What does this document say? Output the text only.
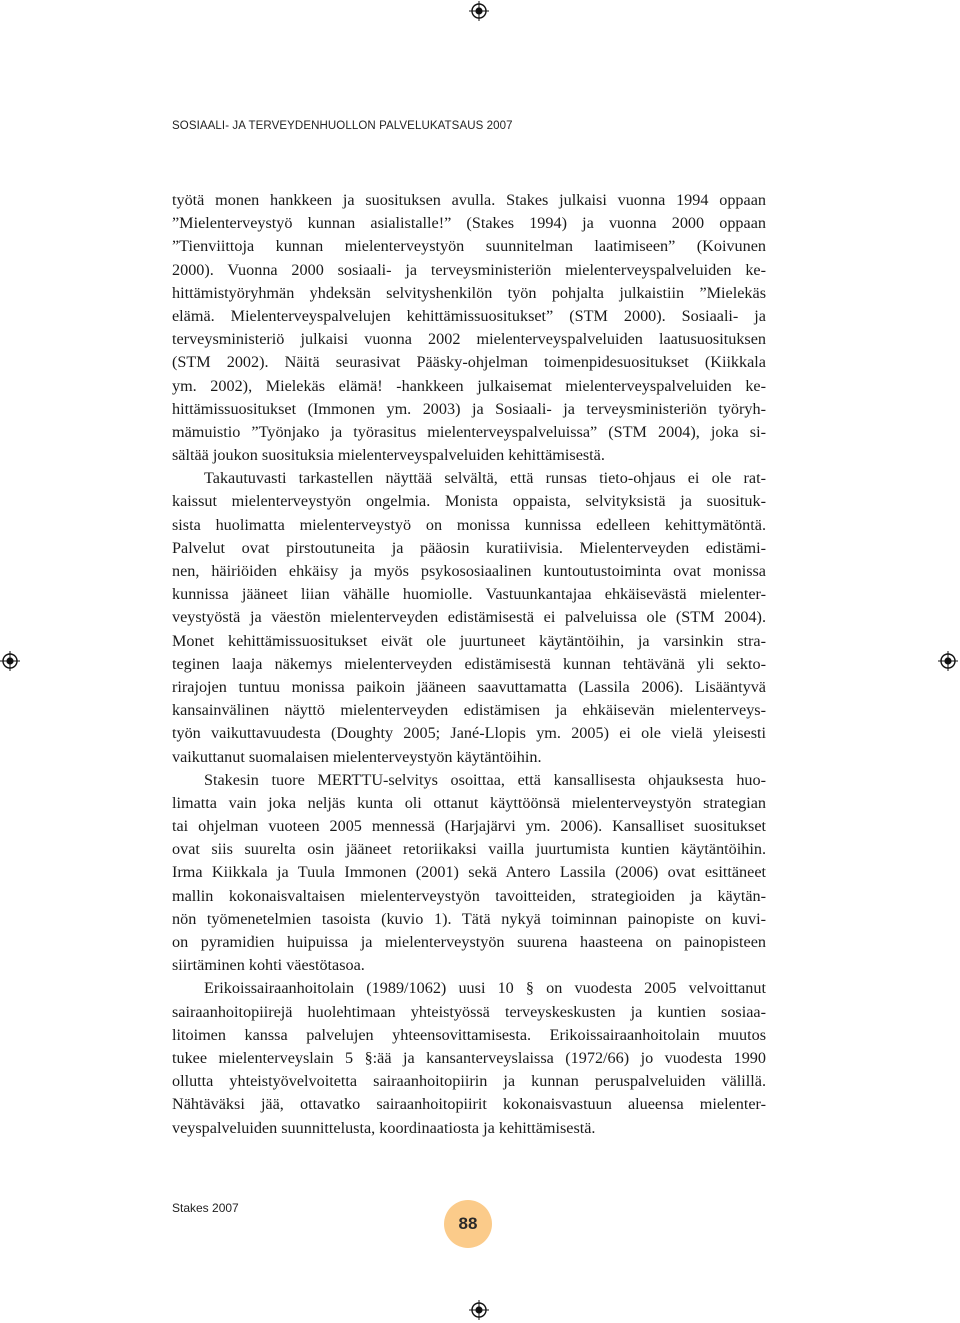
SOSIAALI- JA TERVEYDENHUOLLON PALVELUKATSAUS 2007
työtä monen hankkeen ja suosituksen avulla. Stakes julkaisi vuonna 1994 oppaan
”Mielenterveystyö kunnan asialistalle!” (Stakes 1994) ja vuonna 2000 oppaan
”Tienviittoja kunnan mielenterveystyön suunnitelman laatimiseen” (Koivunen
2000). Vuonna 2000 sosiaali- ja terveysministeriön mielenterveyspalveluiden ke-
hittämistyöryhmän yhdeksän selvityshenkilön työn pohjalta julkaistiin ”Mielekäs
elämä. Mielenterveyspalvelujen kehittämissuositukset” (STM 2000). Sosiaali- ja
terveysministeriö julkaisi vuonna 2002 mielenterveyspalveluiden laatusuosituksen
(STM 2002). Näitä seurasivat Pääsky-ohjelman toimenpidesuositukset (Kiikkala
ym. 2002), Mielekäs elämä! -hankkeen julkaisemat mielenterveyspalveluiden ke-
hittämissuositukset (Immonen ym. 2003) ja Sosiaali- ja terveysministeriön työryh-
mämuistio ”Työnjako ja työrasitus mielenterveyspalveluissa” (STM 2004), joka si-
sältää joukon suosituksia mielenterveyspalveluiden kehittämisestä.
Takautuvasti tarkastellen näyttää selvältä, että runsas tieto-ohjaus ei ole rat-
kaissut mielenterveystyön ongelmia. Monista oppaista, selvityksistä ja suosituk-
sista huolimatta mielenterveystyö on monissa kunnissa edelleen kehittymätöntä.
Palvelut ovat pirstoutuneita ja pääosin kuratiivisia. Mielenterveyden edistämi-
nen, häiriöiden ehkäisy ja myös psykososiaalinen kuntoutustoiminta ovat monissa
kunnissa jääneet liian vähälle huomiolle. Vastuunkantajaa ehkäisevästä mielenter-
veystyöstä ja väestön mielenterveyden edistämisestä ei palveluissa ole (STM 2004).
Monet kehittämissuositukset eivät ole juurtuneet käytäntöihin, ja varsinkin stra-
teginen laaja näkemys mielenterveyden edistämisestä kunnan tehtävänä yli sekto-
rirajojen tuntuu monissa paikoin jääneen saavuttamatta (Lassila 2006). Lisääntyvä
kansainvälinen näyttö mielenterveyden edistämisen ja ehkäisevän mielenterveys-
työn vaikuttavuudesta (Doughty 2005; Jané-Llopis ym. 2005) ei ole vielä yleisesti
vaikuttanut suomalaisen mielenterveystyön käytäntöihin.
Stakesin tuore MERTTU-selvitys osoittaa, että kansallisesta ohjauksesta huo-
limatta vain joka neljäs kunta oli ottanut käyttöönsä mielenterveystyön strategian
tai ohjelman vuoteen 2005 mennessä (Harjajärvi ym. 2006). Kansalliset suositukset
ovat siis suurelta osin jääneet retoriikaksi vailla juurtumista kuntien käytäntöihin.
Irma Kiikkala ja Tuula Immonen (2001) sekä Antero Lassila (2006) ovat esittäneet
mallin kokonaisvaltaisen mielenterveystyön tavoitteiden, strategioiden ja käytän-
nön työmenetelmien tasoista (kuvio 1). Tätä nykyä toiminnan painopiste on kuvi-
on pyramidien huipuissa ja mielenterveystyön suurena haasteena on painopisteen
siirtäminen kohti väestötasoa.
Erikoissairaanhoitolain (1989/1062) uusi 10 § on vuodesta 2005 velvoittanut
sairaanhoitopiirejä huolehtimaan yhteistyössä terveyskeskusten ja kuntien sosiaa-
litoimen kanssa palvelujen yhteensovittamisesta. Erikoissairaanhoitolain muutos
tukee mielenterveyslain 5 §:ää ja kansanterveyslaissa (1972/66) jo vuodesta 1990
ollutta yhteistyövelvoitetta sairaanhoitopiirin ja kunnan peruspalveluiden välillä.
Nähtäväksi jää, ottavatko sairaanhoitopiirit kokonaisvastuun alueensa mielenter-
veyspalveluiden suunnittelusta, koordinaatiosta ja kehittämisestä.
Stakes 2007
88
